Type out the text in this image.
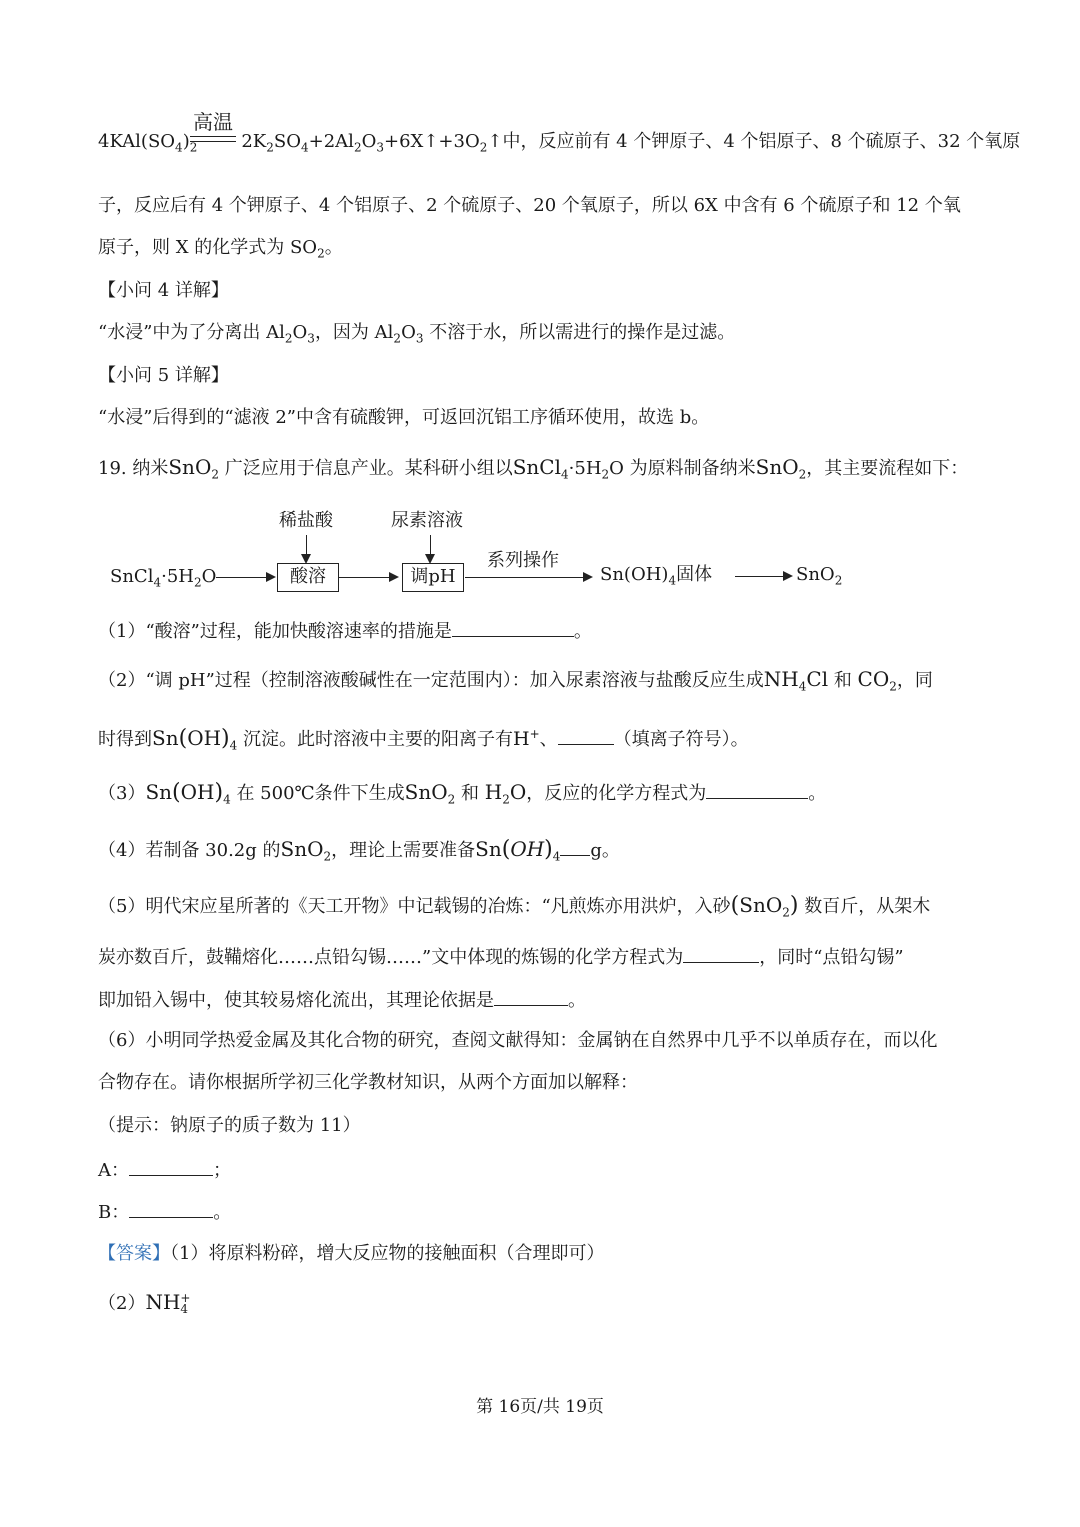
高温
$4KAl(SO_4)_2$ $2K_2SO_4+2Al_2O_3+6X↑+3O_2↑$中，反应前有 4 个钾原子、4 个铝原子、8 个硫原子、32 个氧原
子，反应后有 4 个钾原子、4 个铝原子、2 个硫原子、20 个氧原子，所以 6X 中含有 6 个硫原子和 12 个氧
原子，则 X 的化学式为 $SO_2$。
【小问 4 详解】
“水浸”中为了分离出 $Al_2O_3$，因为 $Al_2O_3$ 不溶于水，所以需进行的操作是过滤。
【小问 5 详解】
“水浸”后得到的“滤液 2”中含有硫酸钾，可返回沉铝工序循环使用，故选 b。
19. 纳米SnO$_2$ 广泛应用于信息产业。某科研小组以$SnCl_4\cdot 5H_2O$ 为原料制备纳米SnO$_2$，其主要流程如下：
稀盐酸	尿素溶液
$SnCl_4\cdot 5H_2O$	酸溶	调pH
系列操作
$Sn(OH)_4$固体	SnO$_2$
（1）“酸溶”过程，能加快酸溶速率的措施是	。
（2）“调 pH”过程（控制溶液酸碱性在一定范围内）：加入尿素溶液与盐酸反应生成$NH_4Cl$ 和 $CO_2$，同
时得到$Sn(OH)_4$ 沉淀。此时溶液中主要的阳离子有H+、	（填离子符号）。
$(3)Sn(OH)_4$ 在 500℃条件下生成SnO$_2$ 和 $H_2O$，反应的化学方程式为	。
（4）若制备 30.2g 的SnO$_2$，理论上需要准备$Sn(OH)_4$ g。
（5）明代宋应星所著的《天工开物》中记载锡的冶炼：“凡煎炼亦用洪炉，入砂(SnO$_2$) 数百斤，从架木
炭亦数百斤，鼓鞴熔化……点铅勾锡……”文中体现的炼锡的化学方程式为	，同时“点铅勾锡”
即加铅入锡中，使其较易熔化流出，其理论依据是	。
（6）小明同学热爱金属及其化合物的研究，查阅文献得知：金属钠在自然界中几乎不以单质存在，而以化
合物存在。请你根据所学初三化学教材知识，从两个方面加以解释：
（提示：钠原子的质子数为 11）
A：	；
B：	。
【答案】（1）将原料粉碎，增大反应物的接触面积（合理即可）
（2）NH +
4
第 16页/共 19页
